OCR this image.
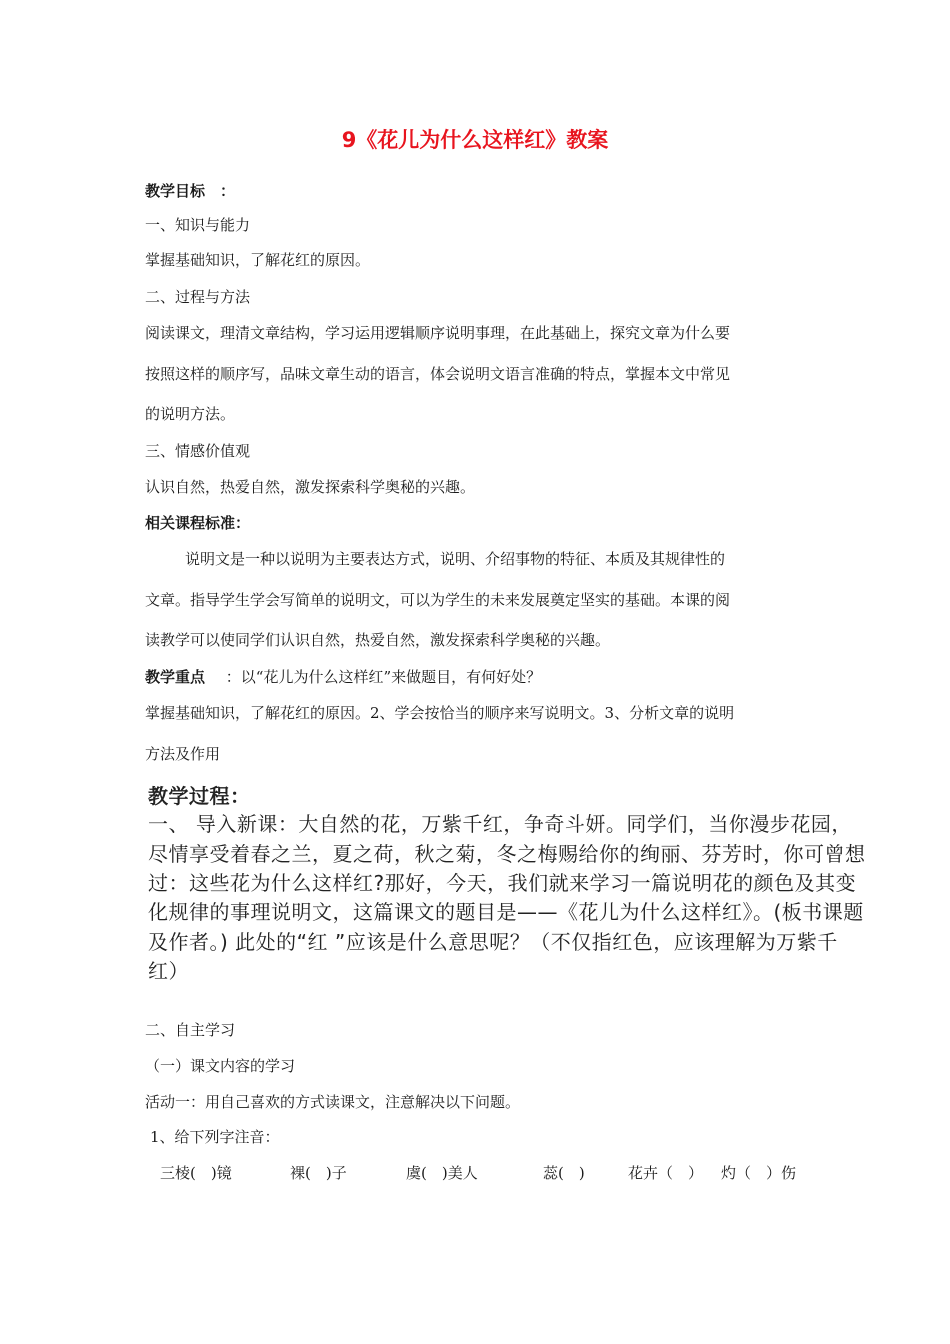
9《花儿为什么这样红》教案
教学目标　：
一、知识与能力
掌握基础知识，了解花红的原因。
二、过程与方法
阅读课文，理清文章结构，学习运用逻辑顺序说明事理，在此基础上，探究文章为什么要
按照这样的顺序写，品味文章生动的语言，体会说明文语言准确的特点，掌握本文中常见
的说明方法。
三、情感价值观
认识自然，热爱自然，激发探索科学奥秘的兴趣。
相关课程标准：
说明文是一种以说明为主要表达方式，说明、介绍事物的特征、本质及其规律性的
文章。指导学生学会写简单的说明文，可以为学生的未来发展奠定坚实的基础。本课的阅
读教学可以使同学们认识自然，热爱自然，激发探索科学奥秘的兴趣。
教学重点 ：以“花儿为什么这样红”来做题目，有何好处？
掌握基础知识，了解花红的原因。2、学会按恰当的顺序来写说明文。3、分析文章的说明
方法及作用
教学过程：
一、 导入新课：大自然的花，万紫千红，争奇斗妍。同学们，当你漫步花园，
尽情享受着春之兰，夏之荷，秋之菊，冬之梅赐给你的绚丽、芬芳时，你可曾想
过：这些花为什么这样红?那好，今天，我们就来学习一篇说明花的颜色及其变
化规律的事理说明文，这篇课文的题目是——《花儿为什么这样红》。(板书课题
及作者。) 此处的“红 ”应该是什么意思呢？（不仅指红色，应该理解为万紫千
红）
二、自主学习
（一）课文内容的学习
活动一：用自己喜欢的方式读课文，注意解决以下问题。
1、给下列字注音：
三棱(　)镜	裸(　)子	虞(　)美人	蕊(　)	花卉（　） 灼（　）伤
